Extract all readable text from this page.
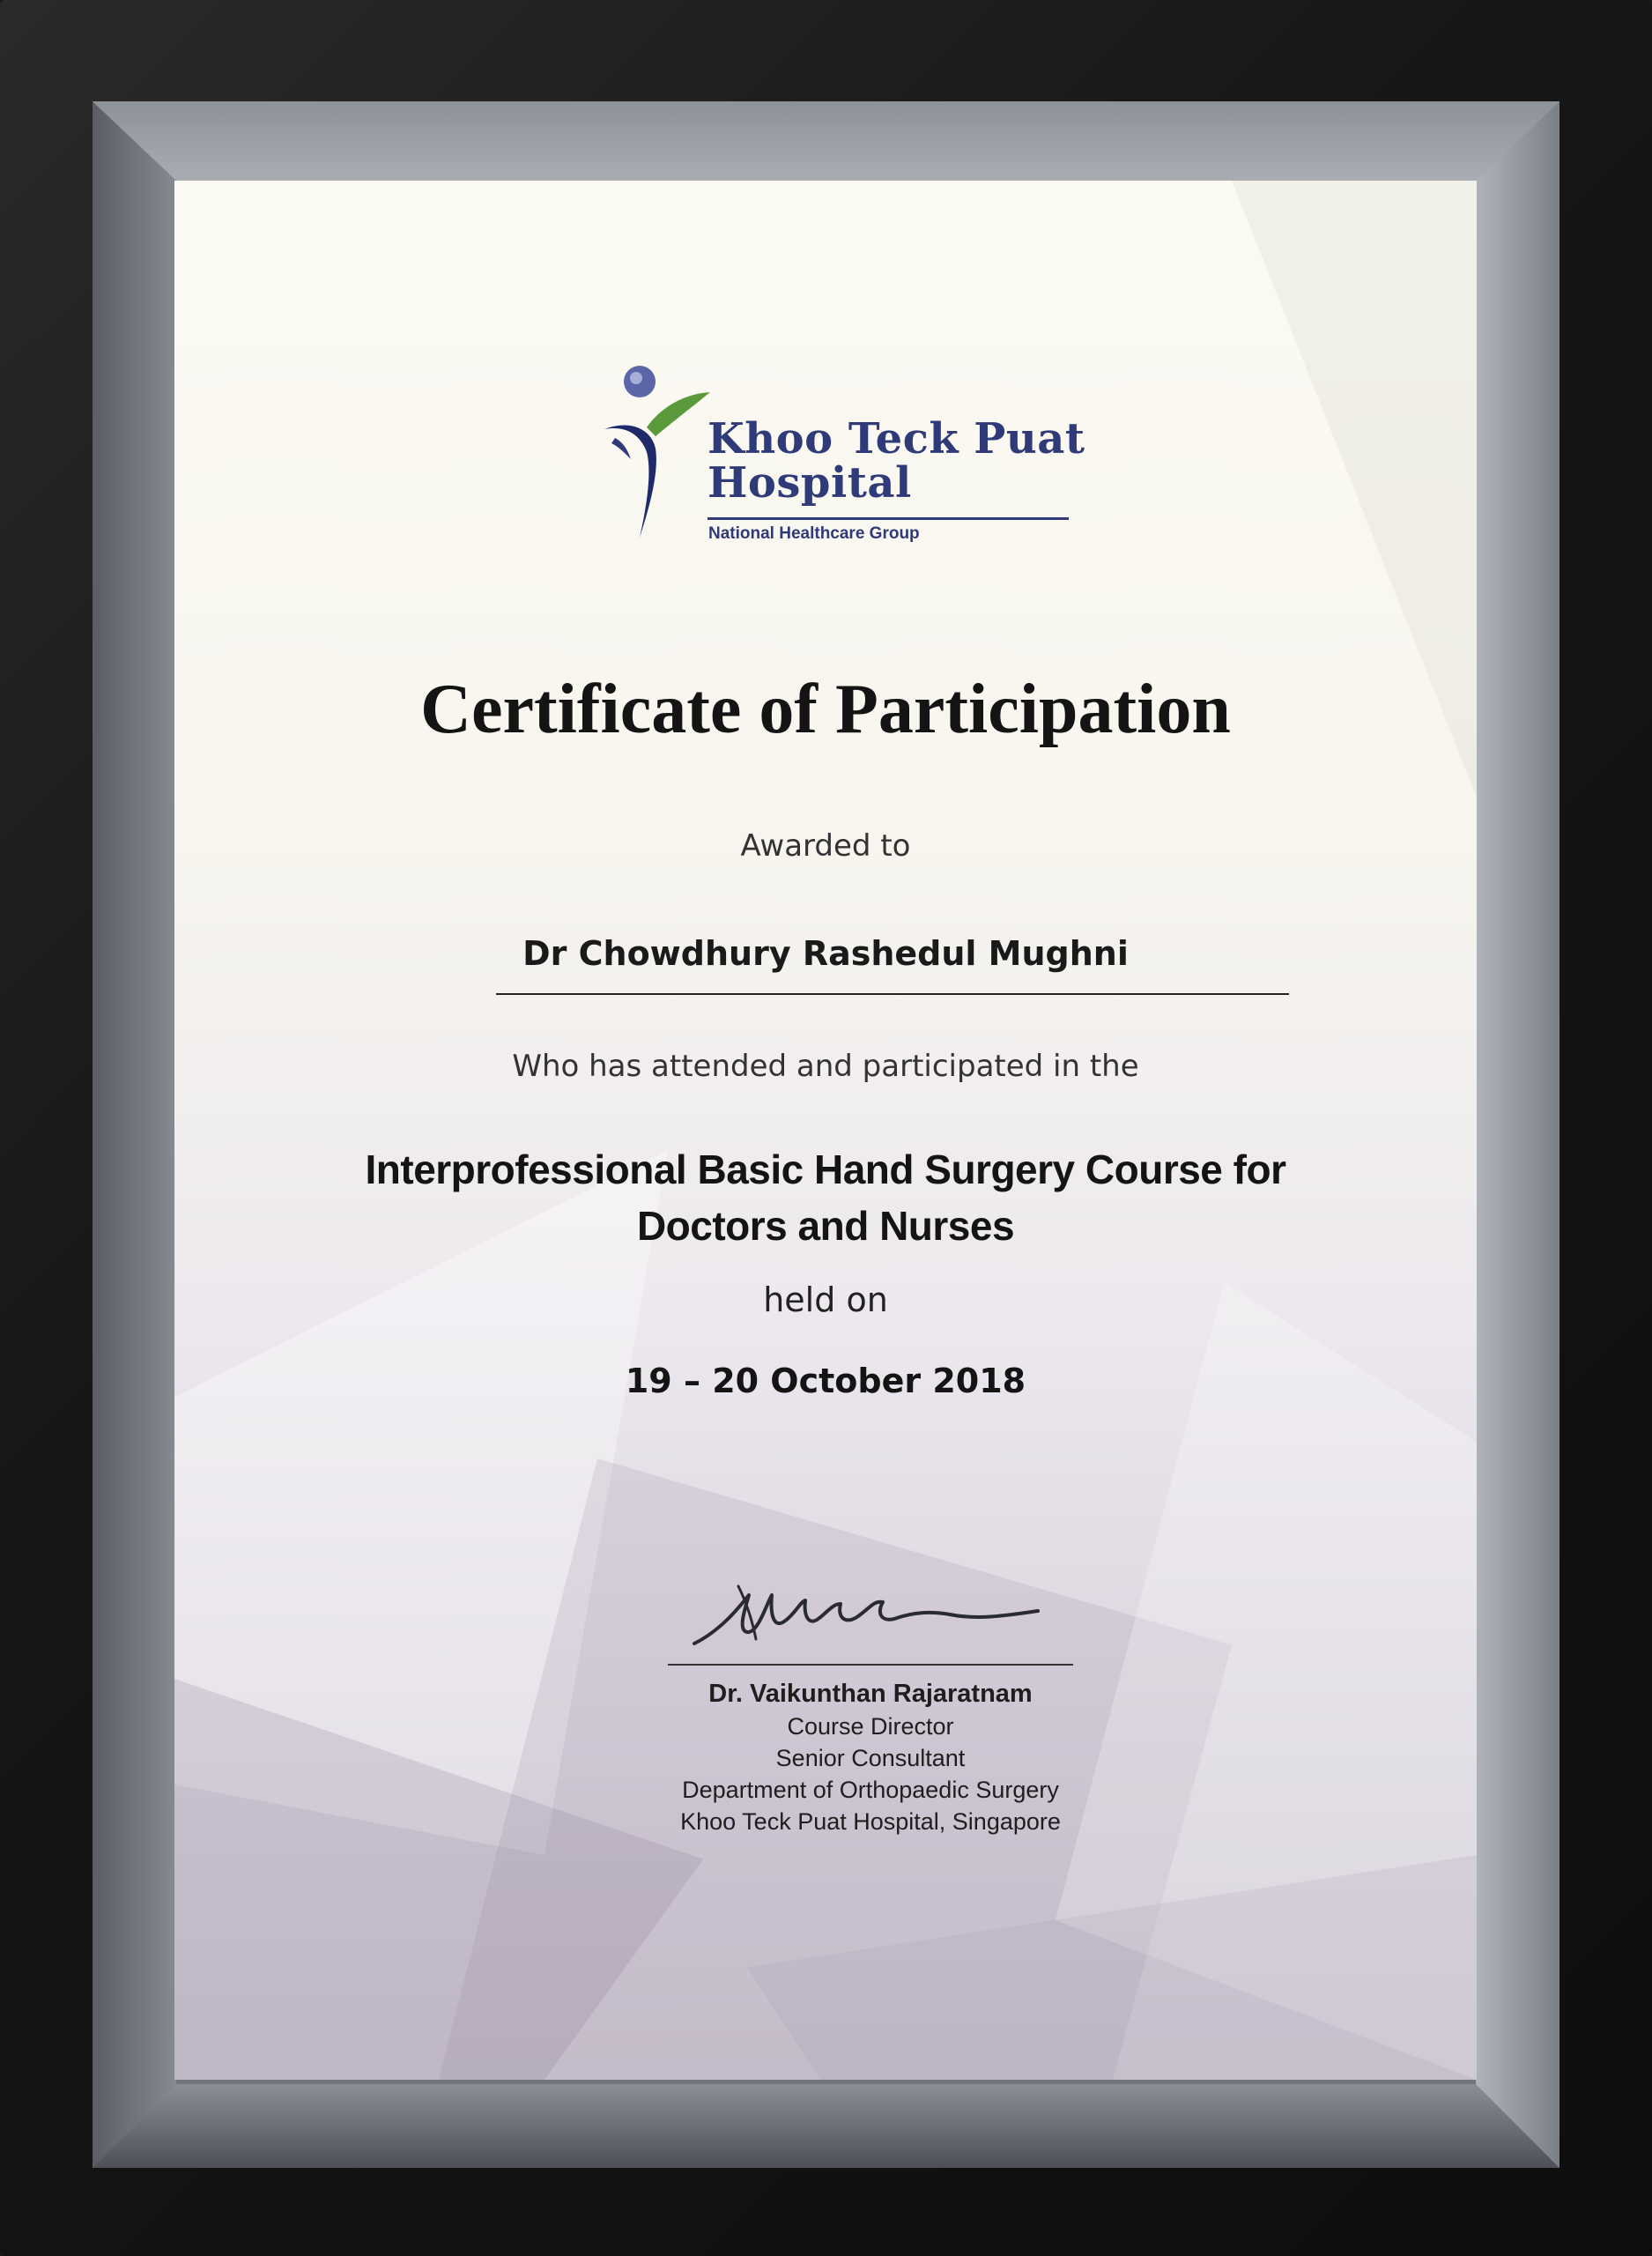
Khoo Teck Puat
Hospital
National Healthcare Group
Certificate of Participation
Awarded to
Dr Chowdhury Rashedul Mughni
Who has attended and participated in the
Interprofessional Basic Hand Surgery Course for
Doctors and Nurses
held on
19 – 20 October 2018
Dr. Vaikunthan Rajaratnam
Course Director
Senior Consultant
Department of Orthopaedic Surgery
Khoo Teck Puat Hospital, Singapore
